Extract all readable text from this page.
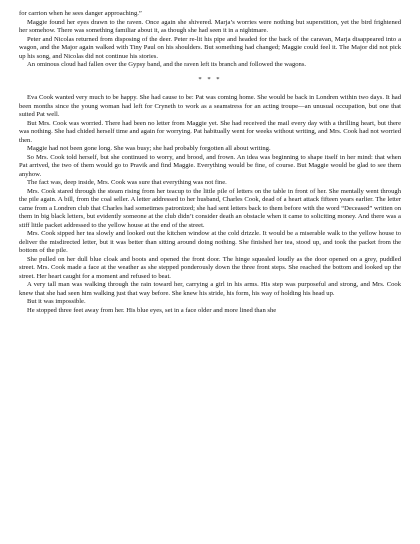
for carrion when he sees danger approaching.”

Maggie found her eyes drawn to the raven. Once again she shivered. Marja’s worries were nothing but superstition, yet the bird frightened her somehow. There was something familiar about it, as though she had seen it in a nightmare.

Peter and Nicolas returned from disposing of the deer. Peter re-lit his pipe and headed for the back of the caravan, Marja disappeared into a wagon, and the Major again walked with Tiny Paul on his shoulders. But something had changed; Maggie could feel it. The Major did not pick up his song, and Nicolas did not continue his stories.

An ominous cloud had fallen over the Gypsy band, and the raven left its branch and followed the wagons.

* * *

Eva Cook wanted very much to be happy. She had cause to be: Pat was coming home. She would be back in Londren within two days. It had been months since the young woman had left for Cryneth to work as a seamstress for an acting troupe—an unusual occupation, but one that suited Pat well.

But Mrs. Cook was worried. There had been no letter from Maggie yet. She had received the mail every day with a thrilling heart, but there was nothing. She had chided herself time and again for worrying. Pat habitually went for weeks without writing, and Mrs. Cook had not worried then.

Maggie had not been gone long. She was busy; she had probably forgotten all about writing.

So Mrs. Cook told herself, but she continued to worry, and brood, and frown. An idea was beginning to shape itself in her mind: that when Pat arrived, the two of them would go to Pravik and find Maggie. Everything would be fine, of course. But Maggie would be glad to see them anyhow.

The fact was, deep inside, Mrs. Cook was sure that everything was not fine.

Mrs. Cook stared through the steam rising from her teacup to the little pile of letters on the table in front of her. She mentally went through the pile again. A bill, from the coal seller. A letter addressed to her husband, Charles Cook, dead of a heart attack fifteen years earlier. The letter came from a Londren club that Charles had sometimes patronized; she had sent letters back to them before with the word “Deceased” written on them in big black letters, but evidently someone at the club didn’t consider death an obstacle when it came to soliciting money. And there was a stiff little packet addressed to the yellow house at the end of the street.

Mrs. Cook sipped her tea slowly and looked out the kitchen window at the cold drizzle. It would be a miserable walk to the yellow house to deliver the misdirected letter, but it was better than sitting around doing nothing. She finished her tea, stood up, and took the packet from the bottom of the pile.

She pulled on her dull blue cloak and boots and opened the front door. The hinge squealed loudly as the door opened on a grey, puddled street. Mrs. Cook made a face at the weather as she stepped ponderously down the three front steps. She reached the bottom and looked up the street. Her heart caught for a moment and refused to beat.

A very tall man was walking through the rain toward her, carrying a girl in his arms. His step was purposeful and strong, and Mrs. Cook knew that she had seen him walking just that way before. She knew his stride, his form, his way of holding his head up.

But it was impossible.

He stopped three feet away from her. His blue eyes, set in a face older and more lined than she
